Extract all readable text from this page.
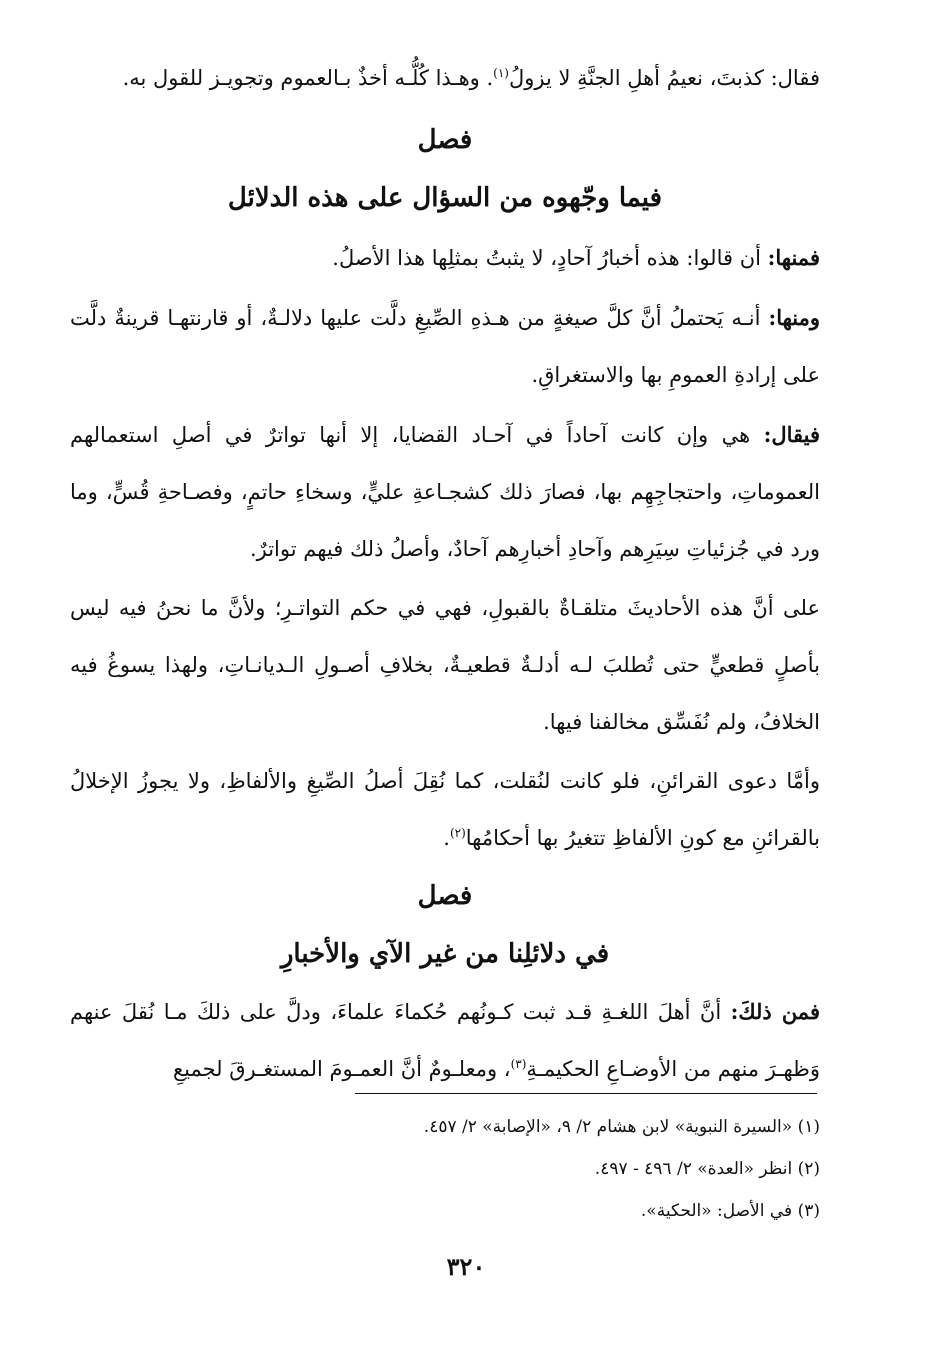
فقال: كذبتَ، نعيمُ أهلِ الجنَّةِ لا يزولُ$^{(١)}$. وهـذا كُلُّـه أخذٌ بـالعموم وتجويـز للقول به.

فصل
فيما وجّهوه من السؤال على هذه الدلائل

فمنها: أن قالوا: هذه أخبارُ آحادٍ، لا يثبتُ بمثلِها هذا الأصلُ.

ومنها: أنـه يَحتملُ أنَّ كلَّ صيغةٍ من هـذهِ الصِّيغِ دلَّت عليها دلالـةٌ، أو قارنتهـا قرينةٌ دلَّت على إرادةِ العمومِ بها والاستغراقِ.

فيقال: هي وإن كانت آحاداً في آحـاد القضايا، إلا أنها تواترٌ في أصلِ استعمالهم العموماتِ، واحتجاجِهِم بها، فصارَ ذلك كشجـاعةِ عليٍّ، وسخاءِ حاتمٍ، وفصـاحةِ قُسٍّ، وما ورد في جُزئياتِ سِيَرِهم وآحادِ أخبارِهم آحادٌ، وأصلُ ذلك فيهم تواترٌ.

على أنَّ هذه الأحاديثَ متلقـاةٌ بالقبولِ، فهي في حكم التواتـرِ؛ ولأنَّ ما نحنُ فيه ليس بأصلٍ قطعيٍّ حتى تُطلبَ لـه أدلـةٌ قطعيـةٌ، بخلافِ أصـولِ الـديانـاتِ، ولهذا يسوغُ فيه الخلافُ، ولم نُفَسِّق مخالفنا فيها.

وأمَّا دعوى القرائنِ، فلو كانت لنُقلت، كما نُقِلَ أصلُ الصِّيغِ والألفاظِ، ولا يجوزُ الإخلالُ بالقرائنِ مع كونِ الألفاظِ تتغيرُ بها أحكامُها$^{(٢)}$.

فصل
في دلائلِنا من غير الآي والأخبارِ

فمن ذلكَ: أنَّ أهلَ اللغـةِ قـد ثبت كـونُهم حُكماءَ علماءَ، ودلَّ على ذلكَ مـا نُقلَ عنهم وَظهـرَ منهم من الأوضـاعِ الحكيمـةِ$^{(٣)}$، ومعلـومٌ أنَّ العمـومَ المستغـرقَ لجميعِ

(١) «السيرة النبوية» لابن هشام ٢/ ٩، «الإصابة» ٢/ ٤٥٧.

(٢) انظر «العدة» ٢/ ٤٩٦ - ٤٩٧.

(٣) في الأصل: «الحكية».

٣٢٠
